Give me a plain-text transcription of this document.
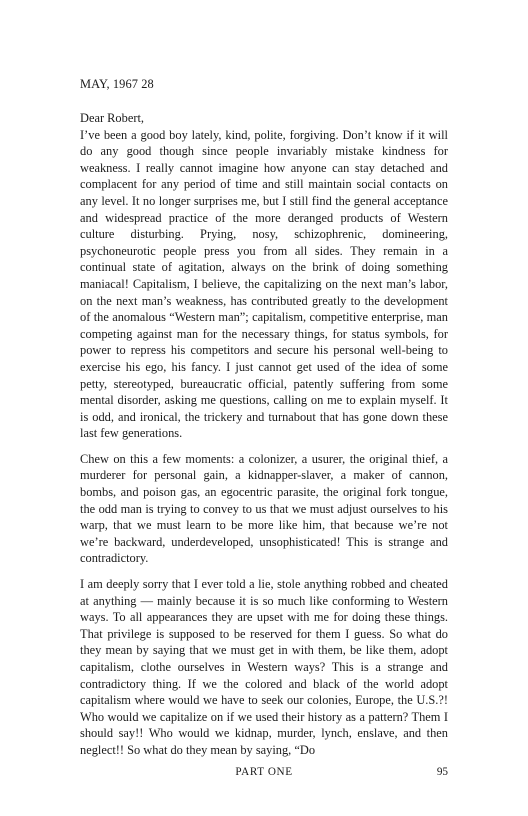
MAY, 1967 28

Dear Robert,

I’ve been a good boy lately, kind, polite, forgiving. Don’t know if it will do any good though since people invariably mistake kindness for weakness. I really cannot imagine how anyone can stay detached and complacent for any period of time and still maintain social contacts on any level. It no longer surprises me, but I still find the general acceptance and widespread practice of the more deranged products of Western culture disturbing. Prying, nosy, schizophrenic, domineering, psychoneurotic people press you from all sides. They remain in a continual state of agitation, always on the brink of doing something maniacal! Capitalism, I believe, the capitalizing on the next man’s labor, on the next man’s weakness, has contributed greatly to the development of the anomalous “Western man”; capitalism, competitive enterprise, man competing against man for the necessary things, for status symbols, for power to repress his competitors and secure his personal well-being to exercise his ego, his fancy. I just cannot get used of the idea of some petty, stereotyped, bureaucratic official, patently suffering from some mental disorder, asking me questions, calling on me to explain myself. It is odd, and ironical, the trickery and turnabout that has gone down these last few generations.

Chew on this a few moments: a colonizer, a usurer, the original thief, a murderer for personal gain, a kidnapper-slaver, a maker of cannon, bombs, and poison gas, an egocentric parasite, the original fork tongue, the odd man is trying to convey to us that we must adjust ourselves to his warp, that we must learn to be more like him, that because we’re not we’re backward, underdeveloped, unsophisticated! This is strange and contradictory.

I am deeply sorry that I ever told a lie, stole anything robbed and cheated at anything — mainly because it is so much like conforming to Western ways. To all appearances they are upset with me for doing these things. That privilege is supposed to be reserved for them I guess. So what do they mean by saying that we must get in with them, be like them, adopt capitalism, clothe ourselves in Western ways? This is a strange and contradictory thing. If we the colored and black of the world adopt capitalism where would we have to seek our colonies, Europe, the U.S.?! Who would we capitalize on if we used their history as a pattern? Them I should say!! Who would we kidnap, murder, lynch, enslave, and then neglect!! So what do they mean by saying, “Do

PART ONE	95
